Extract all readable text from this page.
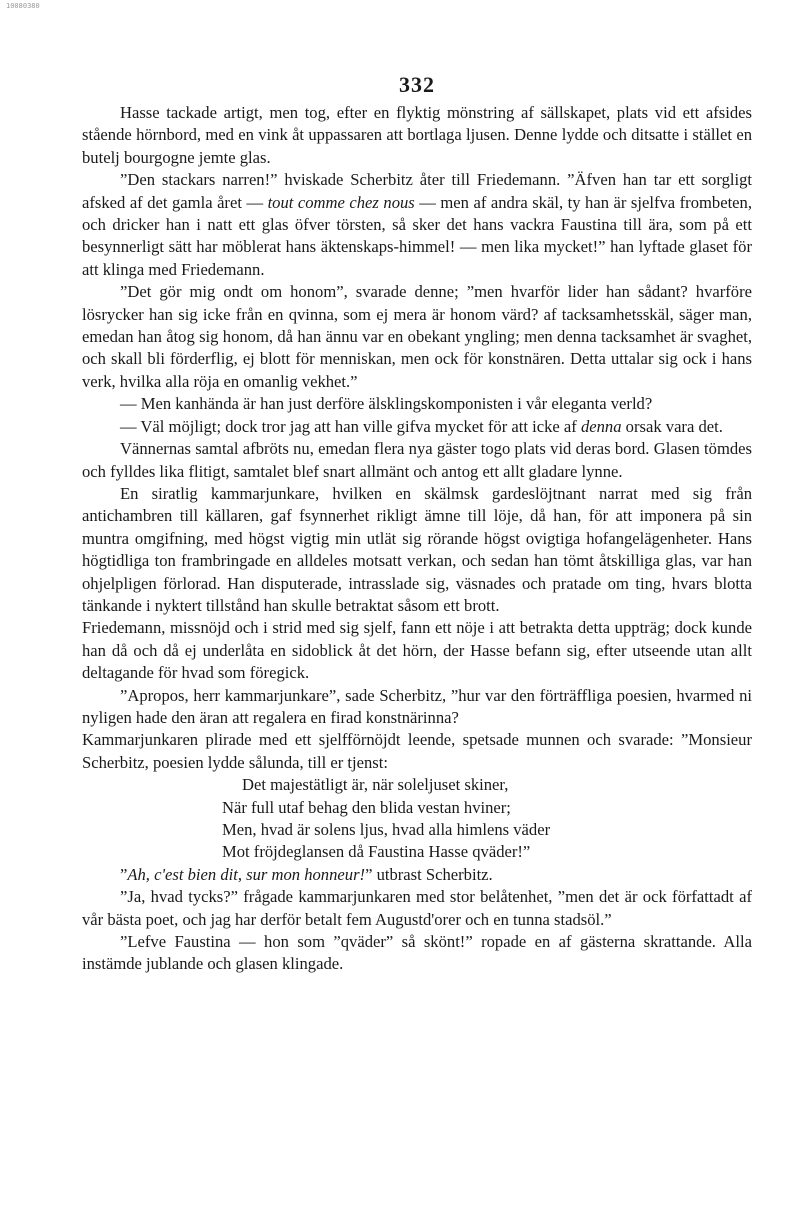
10080380
332

Hasse tackade artigt, men tog, efter en flyktig mönstring af sällskapet, plats vid ett afsides stående hörnbord, med en vink åt uppassaren att bortlaga ljusen. Denne lydde och ditsatte i stället en butelj bourgogne jemte glas.

”Den stackars narren!” hviskade Scherbitz åter till Friedemann. ”Äfven han tar ett sorgligt afsked af det gamla året — tout comme chez nous — men af andra skäl, ty han är sjelfva frombeten, och dricker han i natt ett glas öfver törsten, så sker det hans vackra Faustina till ära, som på ett besynnerligt sätt har möblerat hans äktenskaps-himmel! — men lika mycket!” han lyftade glaset för att klinga med Friedemann.

”Det gör mig ondt om honom”, svarade denne; ”men hvarför lider han sådant? hvarföre lösrycker han sig icke från en qvinna, som ej mera är honom värd? af tacksamhetsskäl, säger man, emedan han åtog sig honom, då han ännu var en obekant yngling; men denna tacksamhet är svaghet, och skall bli förderflig, ej blott för menniskan, men ock för konstnären. Detta uttalar sig ock i hans verk, hvilka alla röja en omanlig vekhet.”

— Men kanhända är han just derföre älsklingskomponisten i vår eleganta verld?

— Väl möjligt; dock tror jag att han ville gifva mycket för att icke af denna orsak vara det.

Vännernas samtal afbröts nu, emedan flera nya gäster togo plats vid deras bord. Glasen tömdes och fylldes lika flitigt, samtalet blef snart allmänt och antog ett allt gladare lynne.

En siratlig kammarjunkare, hvilken en skälmsk gardeslöjtnant narrat med sig från antichambren till källaren, gaf fsynnerhet rikligt ämne till löje, då han, för att imponera på sin muntra omgifning, med högst vigtig min utlät sig rörande högst ovigtiga hofangelägenheter. Hans högtidliga ton frambringade en alldeles motsatt verkan, och sedan han tömt åtskilliga glas, var han ohjelpligen förlorad. Han disputerade, intrasslade sig, väsnades och pratade om ting, hvars blotta tänkande i nyktert tillstånd han skulle betraktat såsom ett brott.

Friedemann, missnöjd och i strid med sig sjelf, fann ett nöje i att betrakta detta uppträg; dock kunde han då och då ej underlåta en sidoblick åt det hörn, der Hasse befann sig, efter utseende utan allt deltagande för hvad som föregick.

”Apropos, herr kammarjunkare”, sade Scherbitz, ”hur var den förträffliga poesien, hvarmed ni nyligen hade den äran att regalera en firad konstnärinna?

Kammarjunkaren plirade med ett sjelfförnöjdt leende, spetsade munnen och svarade: ”Monsieur Scherbitz, poesien lydde sålunda, till er tjenst:

Det majestätligt är, när soleljuset skiner,
När full utaf behag den blida vestan hviner;
Men, hvad är solens ljus, hvad alla himlens väder
Mot fröjdeglansen då Faustina Hasse qväder!”

”Ah, c'est bien dit, sur mon honneur!” utbrast Scherbitz.

”Ja, hvad tycks?” frågade kammarjunkaren med stor belåtenhet, ”men det är ock författadt af vår bästa poet, och jag har derför betalt fem Augustd'orer och en tunna stadsöl.”

”Lefve Faustina — hon som ”qväder” så skönt!” ropade en af gästerna skrattande. Alla instämde jublande och glasen klingade.
